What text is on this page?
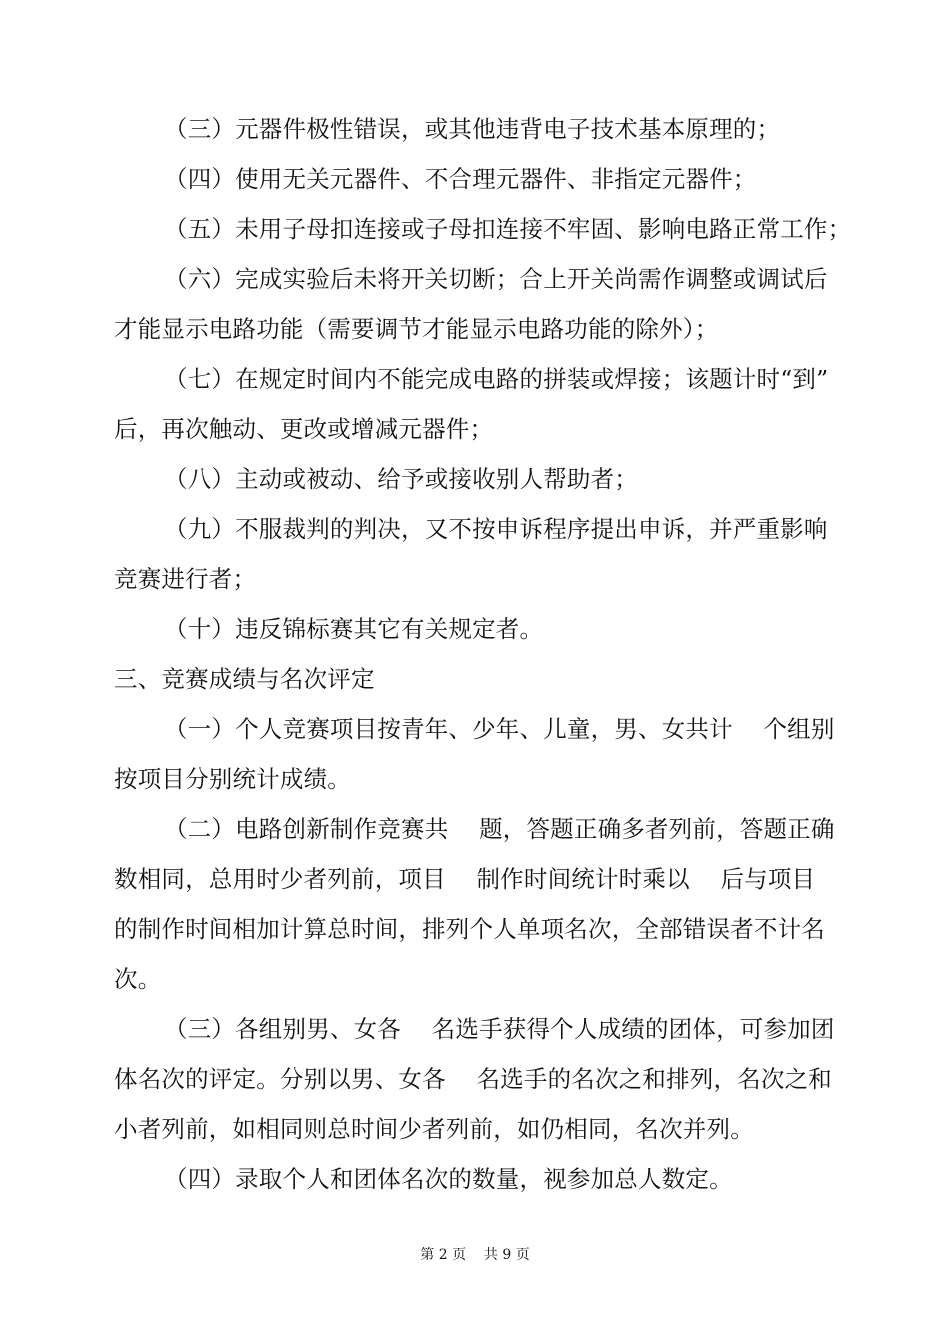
（三）元器件极性错误，或其他违背电子技术基本原理的；
（四）使用无关元器件、不合理元器件、非指定元器件；
（五）未用子母扣连接或子母扣连接不牢固、影响电路正常工作；
（六）完成实验后未将开关切断；合上开关尚需作调整或调试后
才能显示电路功能（需要调节才能显示电路功能的除外）；
（七）在规定时间内不能完成电路的拼装或焊接；该题计时“到”
后，再次触动、更改或增减元器件；
（八）主动或被动、给予或接收别人帮助者；
（九）不服裁判的判决，又不按申诉程序提出申诉，并严重影响
竞赛进行者；
（十）违反锦标赛其它有关规定者。
三、竞赛成绩与名次评定
（一）个人竞赛项目按青年、少年、儿童，男、女共计    个组别
按项目分别统计成绩。
（二）电路创新制作竞赛共    题，答题正确多者列前，答题正确
数相同，总用时少者列前，项目    制作时间统计时乘以    后与项目
的制作时间相加计算总时间，排列个人单项名次，全部错误者不计名
次。
（三）各组别男、女各    名选手获得个人成绩的团体，可参加团
体名次的评定。分别以男、女各    名选手的名次之和排列，名次之和
小者列前，如相同则总时间少者列前，如仍相同，名次并列。
（四）录取个人和团体名次的数量，视参加总人数定。
第 2 页    共 9 页
